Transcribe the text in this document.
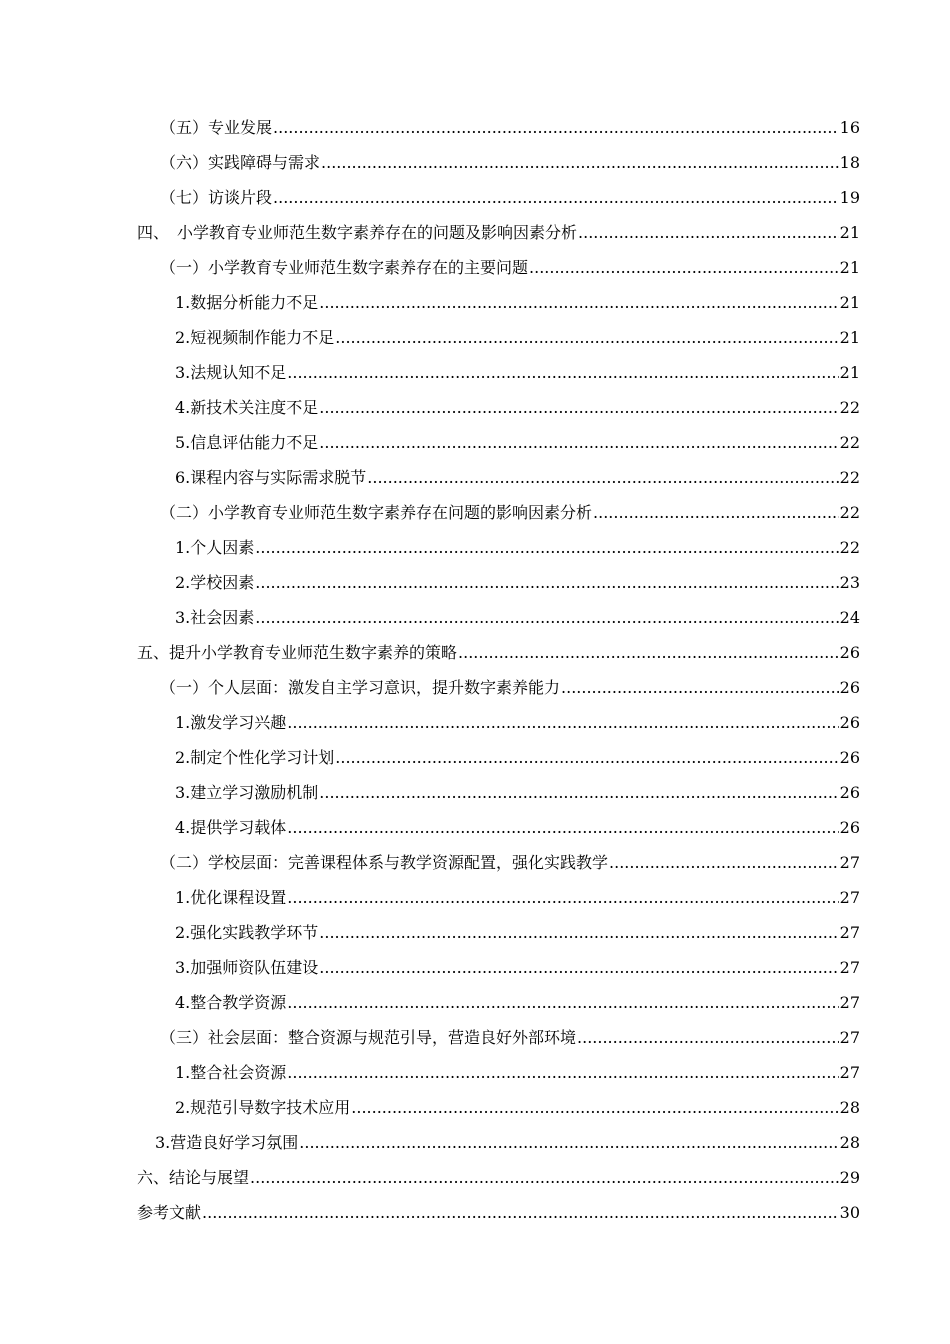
（五）专业发展 .....	16
（六）实践障碍与需求 .....	18
（七）访谈片段 .....	19
四、　小学教育专业师范生数字素养存在的问题及影响因素分析 .....	21
（一）小学教育专业师范生数字素养存在的主要问题 .....	21
1.数据分析能力不足 .....	21
2.短视频制作能力不足 .....	21
3.法规认知不足 .....	21
4.新技术关注度不足 .....	22
5.信息评估能力不足 .....	22
6.课程内容与实际需求脱节 .....	22
（二）小学教育专业师范生数字素养存在问题的影响因素分析 .....	22
1.个人因素 .....	22
2.学校因素 .....	23
3.社会因素 .....	24
五、提升小学教育专业师范生数字素养的策略 .....	26
（一）个人层面：激发自主学习意识，提升数字素养能力 .....	26
1.激发学习兴趣 .....	26
2.制定个性化学习计划 .....	26
3.建立学习激励机制 .....	26
4.提供学习载体 .....	26
（二）学校层面：完善课程体系与教学资源配置，强化实践教学 .....	27
1.优化课程设置 .....	27
2.强化实践教学环节 .....	27
3.加强师资队伍建设 .....	27
4.整合教学资源 .....	27
（三）社会层面：整合资源与规范引导，营造良好外部环境 .....	27
1.整合社会资源 .....	27
2.规范引导数字技术应用 .....	28
3.营造良好学习氛围 .....	28
六、结论与展望 .....	29
参考文献 .....	30
